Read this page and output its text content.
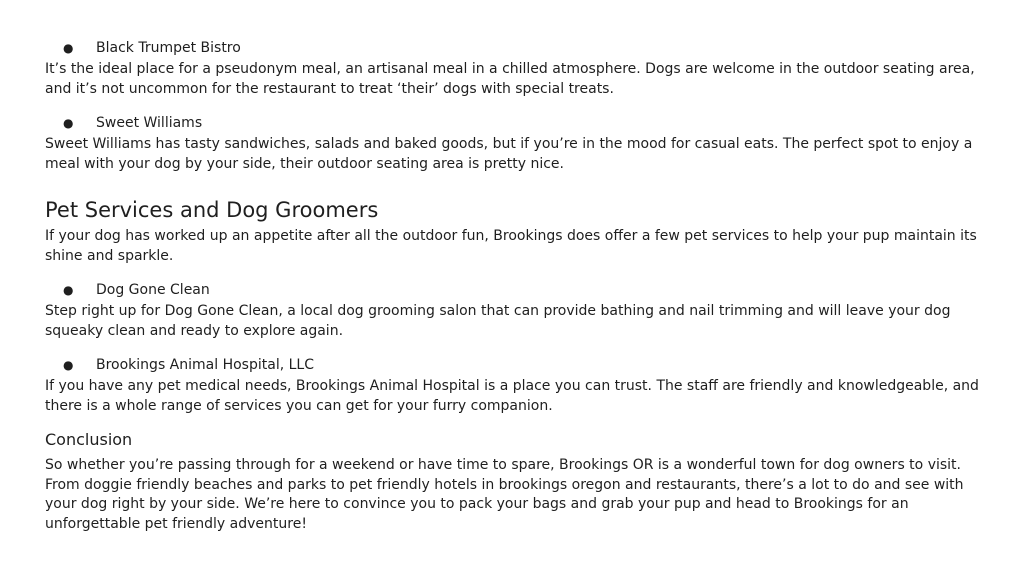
●	Black Trumpet Bistro

It’s the ideal place for a pseudonym meal, an artisanal meal in a chilled atmosphere. Dogs are welcome in the outdoor seating area, and it’s not uncommon for the restaurant to treat ‘their’ dogs with special treats.

●	Sweet Williams

Sweet Williams has tasty sandwiches, salads and baked goods, but if you’re in the mood for casual eats. The perfect spot to enjoy a meal with your dog by your side, their outdoor seating area is pretty nice.

Pet Services and Dog Groomers

If your dog has worked up an appetite after all the outdoor fun, Brookings does offer a few pet services to help your pup maintain its shine and sparkle.

●	Dog Gone Clean

Step right up for Dog Gone Clean, a local dog grooming salon that can provide bathing and nail trimming and will leave your dog squeaky clean and ready to explore again.

●	Brookings Animal Hospital, LLC

If you have any pet medical needs, Brookings Animal Hospital is a place you can trust. The staff are friendly and knowledgeable, and there is a whole range of services you can get for your furry companion.

Conclusion

So whether you’re passing through for a weekend or have time to spare, Brookings OR is a wonderful town for dog owners to visit. From doggie friendly beaches and parks to pet friendly hotels in brookings oregon and restaurants, there’s a lot to do and see with your dog right by your side. We’re here to convince you to pack your bags and grab your pup and head to Brookings for an unforgettable pet friendly adventure!
